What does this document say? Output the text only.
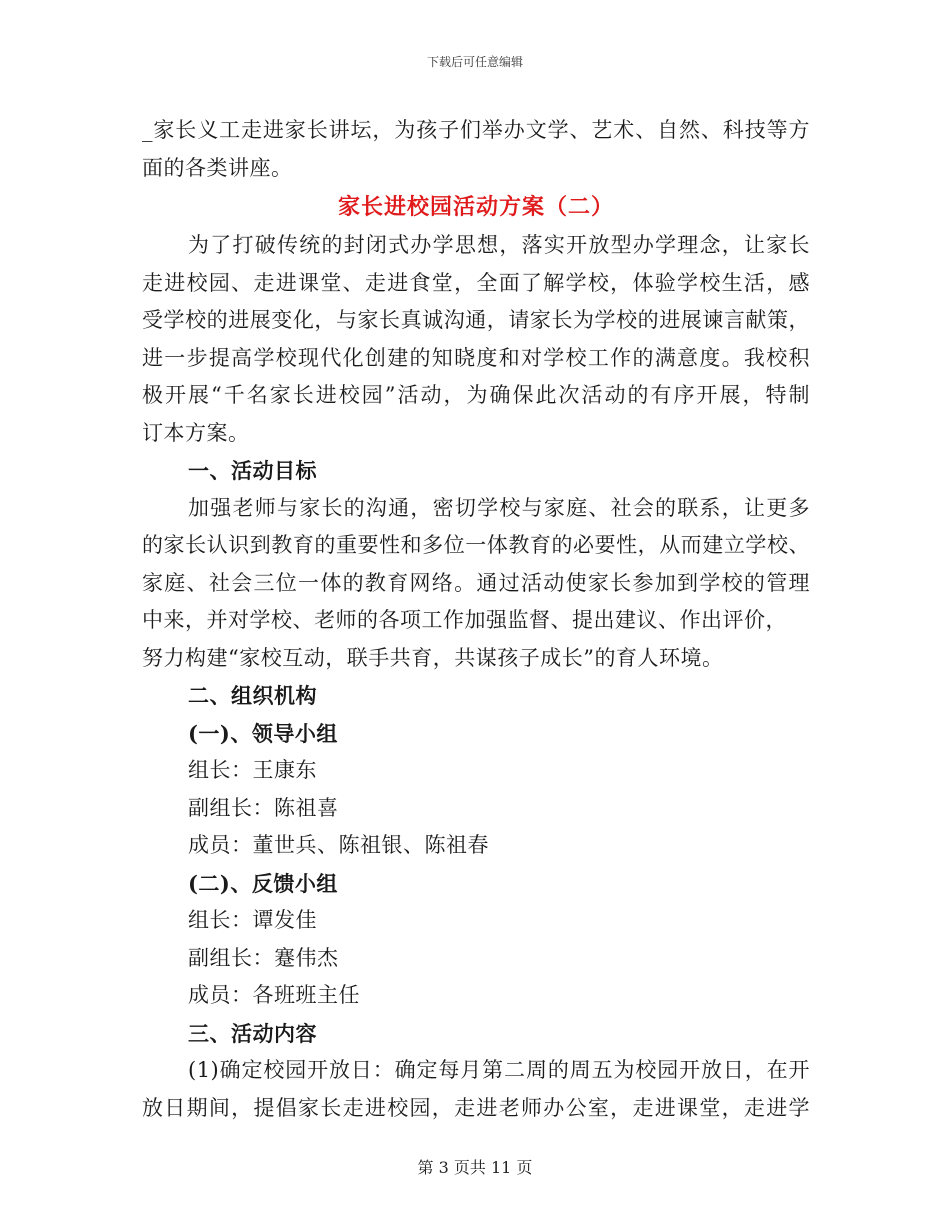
下载后可任意编辑
_家长义工走进家长讲坛，为孩子们举办文学、艺术、自然、科技等方
面的各类讲座。
家长进校园活动方案（二）
为了打破传统的封闭式办学思想，落实开放型办学理念，让家长
走进校园、走进课堂、走进食堂，全面了解学校，体验学校生活，感
受学校的进展变化，与家长真诚沟通，请家长为学校的进展谏言献策，
进一步提高学校现代化创建的知晓度和对学校工作的满意度。我校积
极开展“千名家长进校园”活动，为确保此次活动的有序开展，特制
订本方案。
一、活动目标
加强老师与家长的沟通，密切学校与家庭、社会的联系，让更多
的家长认识到教育的重要性和多位一体教育的必要性，从而建立学校、
家庭、社会三位一体的教育网络。通过活动使家长参加到学校的管理
中来，并对学校、老师的各项工作加强监督、提出建议、作出评价，
努力构建“家校互动，联手共育，共谋孩子成长”的育人环境。
二、组织机构
(一)、领导小组
组长：王康东
副组长：陈祖喜
成员：董世兵、陈祖银、陈祖春
(二)、反馈小组
组长：谭发佳
副组长：蹇伟杰
成员：各班班主任
三、活动内容
(1)确定校园开放日：确定每月第二周的周五为校园开放日，在开
放日期间，提倡家长走进校园，走进老师办公室，走进课堂，走进学
第 3 页共 11 页
